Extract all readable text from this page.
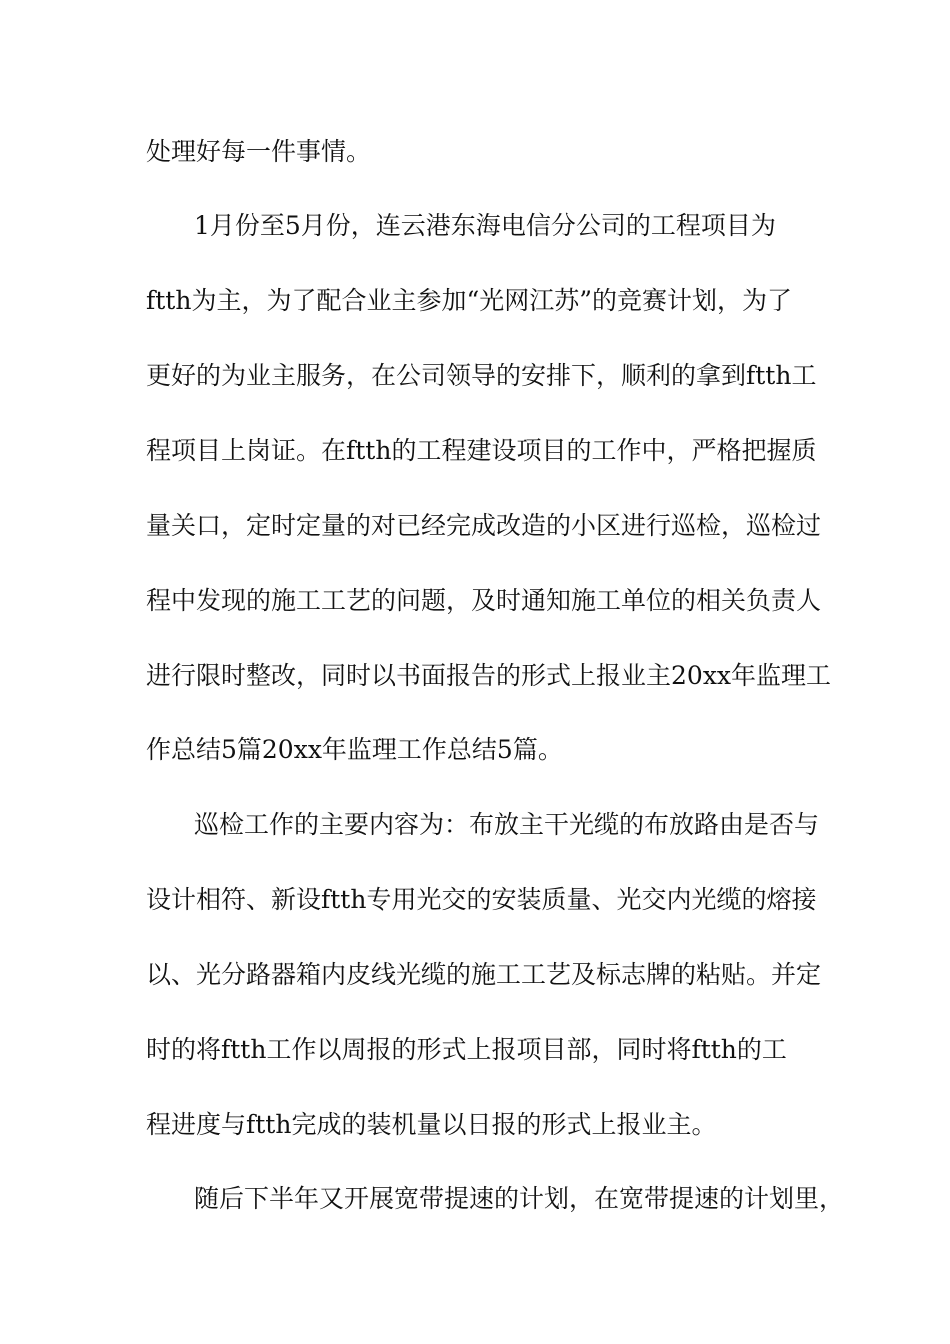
处理好每一件事情。
1月份至5月份，连云港东海电信分公司的工程项目为
ftth为主，为了配合业主参加“光网江苏”的竞赛计划，为了
更好的为业主服务，在公司领导的安排下，顺利的拿到ftth工
程项目上岗证。在ftth的工程建设项目的工作中，严格把握质
量关口，定时定量的对已经完成改造的小区进行巡检，巡检过
程中发现的施工工艺的问题，及时通知施工单位的相关负责人
进行限时整改，同时以书面报告的形式上报业主20xx年监理工
作总结5篇20xx年监理工作总结5篇。
巡检工作的主要内容为：布放主干光缆的布放路由是否与
设计相符、新设ftth专用光交的安装质量、光交内光缆的熔接
以、光分路器箱内皮线光缆的施工工艺及标志牌的粘贴。并定
时的将ftth工作以周报的形式上报项目部，同时将ftth的工
程进度与ftth完成的装机量以日报的形式上报业主。
随后下半年又开展宽带提速的计划，在宽带提速的计划里，
